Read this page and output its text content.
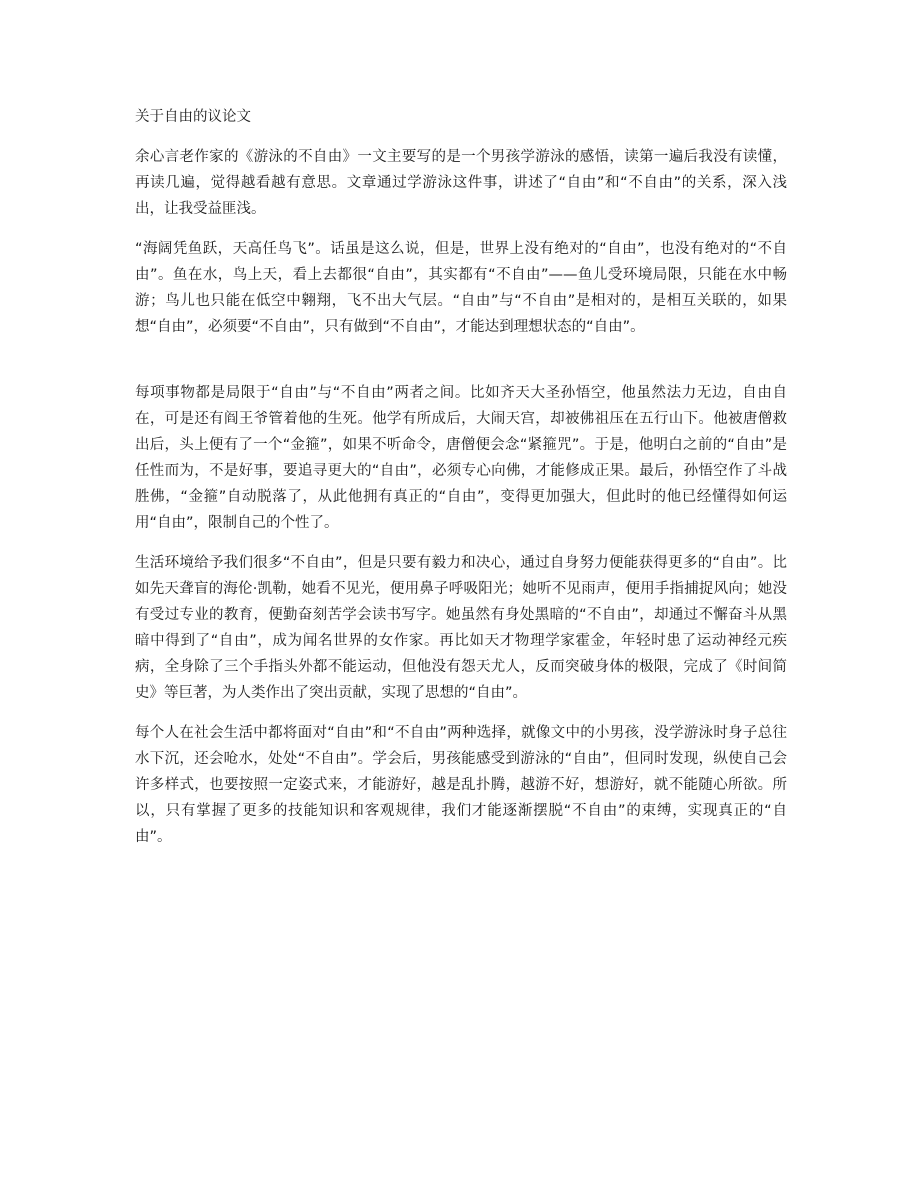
关于自由的议论文

余心言老作家的《游泳的不自由》一文主要写的是一个男孩学游泳的感悟，读第一遍后我没有读懂，再读几遍，觉得越看越有意思。文章通过学游泳这件事，讲述了“自由”和“不自由”的关系，深入浅出，让我受益匪浅。

“海阔凭鱼跃，天高任鸟飞”。话虽是这么说，但是，世界上没有绝对的“自由”，也没有绝对的“不自由”。鱼在水，鸟上天，看上去都很“自由”，其实都有“不自由”——鱼儿受环境局限，只能在水中畅游；鸟儿也只能在低空中翱翔，飞不出大气层。“自由”与“不自由”是相对的，是相互关联的，如果想“自由”，必须要“不自由”，只有做到“不自由”，才能达到理想状态的“自由”。

每项事物都是局限于“自由”与“不自由”两者之间。比如齐天大圣孙悟空，他虽然法力无边，自由自在，可是还有阎王爷管着他的生死。他学有所成后，大闹天宫，却被佛祖压在五行山下。他被唐僧救出后，头上便有了一个“金箍”，如果不听命令，唐僧便会念“紧箍咒”。于是，他明白之前的“自由”是任性而为，不是好事，要追寻更大的“自由”，必须专心向佛，才能修成正果。最后，孙悟空作了斗战胜佛，“金箍”自动脱落了，从此他拥有真正的“自由”，变得更加强大，但此时的他已经懂得如何运用“自由”，限制自己的个性了。

生活环境给予我们很多“不自由”，但是只要有毅力和决心，通过自身努力便能获得更多的“自由”。比如先天聋盲的海伦·凯勒，她看不见光，便用鼻子呼吸阳光；她听不见雨声，便用手指捕捉风向；她没有受过专业的教育，便勤奋刻苦学会读书写字。她虽然有身处黑暗的“不自由”，却通过不懈奋斗从黑暗中得到了“自由”，成为闻名世界的女作家。再比如天才物理学家霍金，年轻时患了运动神经元疾病，全身除了三个手指头外都不能运动，但他没有怨天尤人，反而突破身体的极限，完成了《时间简史》等巨著，为人类作出了突出贡献，实现了思想的“自由”。

每个人在社会生活中都将面对“自由”和“不自由”两种选择，就像文中的小男孩，没学游泳时身子总往水下沉，还会呛水，处处“不自由”。学会后，男孩能感受到游泳的“自由”，但同时发现，纵使自己会许多样式，也要按照一定姿式来，才能游好，越是乱扑腾，越游不好，想游好，就不能随心所欲。所以，只有掌握了更多的技能知识和客观规律，我们才能逐渐摆脱“不自由”的束缚，实现真正的“自由”。
